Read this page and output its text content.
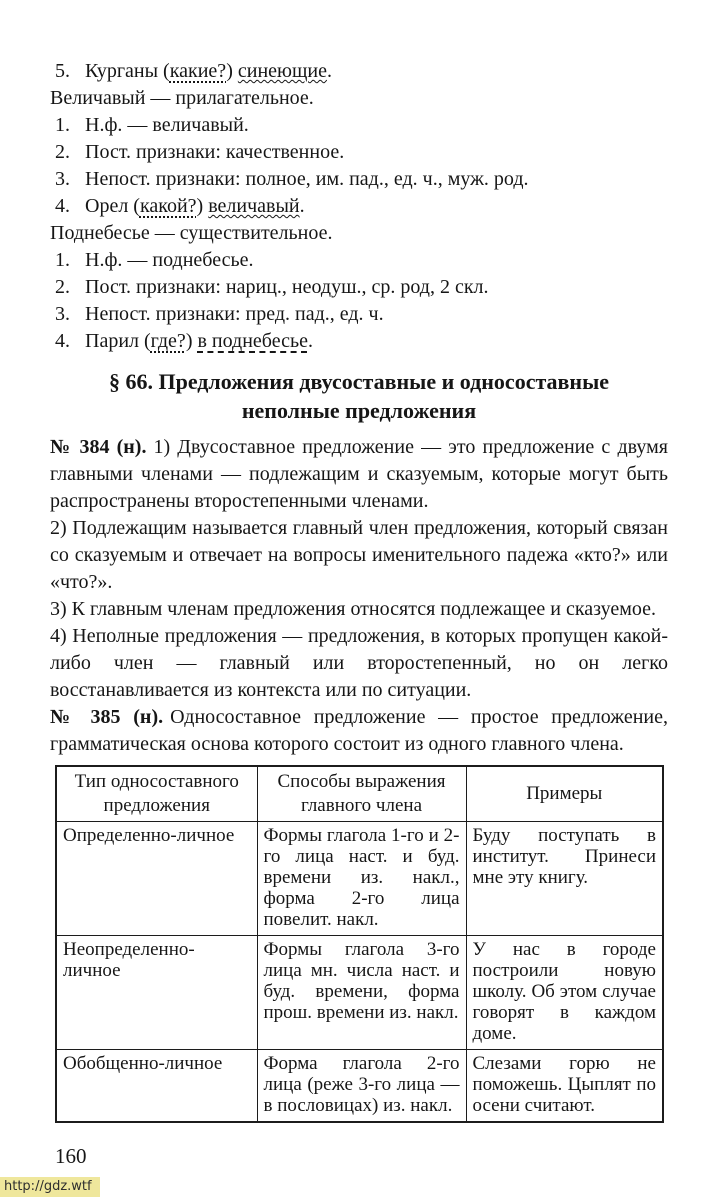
5. Курганы (какие?) синеющие.
Величавый — прилагательное.
1. Н.ф. — величавый.
2. Пост. признаки: качественное.
3. Непост. признаки: полное, им. пад., ед. ч., муж. род.
4. Орел (какой?) величавый.
Поднебесье — существительное.
1. Н.ф. — поднебесье.
2. Пост. признаки: нариц., неодуш., ср. род, 2 скл.
3. Непост. признаки: пред. пад., ед. ч.
4. Парил (где?) в поднебесье.
§ 66. Предложения двусоставные и односоставные
неполные предложения

№ 384 (н). 1) Двусоставное предложение — это предложение с двумя главными членами — подлежащим и сказуемым, которые могут быть распространены второстепенными членами.

2) Подлежащим называется главный член предложения, который связан со сказуемым и отвечает на вопросы именительного падежа «кто?» или «что?».

3) К главным членам предложения относятся подлежащее и сказуемое.

4) Неполные предложения — предложения, в которых пропущен какой-либо член — главный или второстепенный, но он легко восстанавливается из контекста или по ситуации.

№ 385 (н). Односоставное предложение — простое предложение, грамматическая основа которого состоит из одного главного члена.

Тип односоставного предложения	Способы выражения главного члена	Примеры
Определенно-личное	Формы глагола 1-го и 2-го лица наст. и буд. времени из. накл., форма 2-го лица повелит. накл.	Буду поступать в институт. Принеси мне эту книгу.
Неопределенно-личное	Формы глагола 3-го лица мн. числа наст. и буд. времени, форма прош. времени из. накл.	У нас в городе построили новую школу. Об этом случае говорят в каждом доме.
Обобщенно-личное	Форма глагола 2-го лица (реже 3-го лица — в пословицах) из. накл.	Слезами горю не поможешь. Цыплят по осени считают.
160
http://gdz.wtf
